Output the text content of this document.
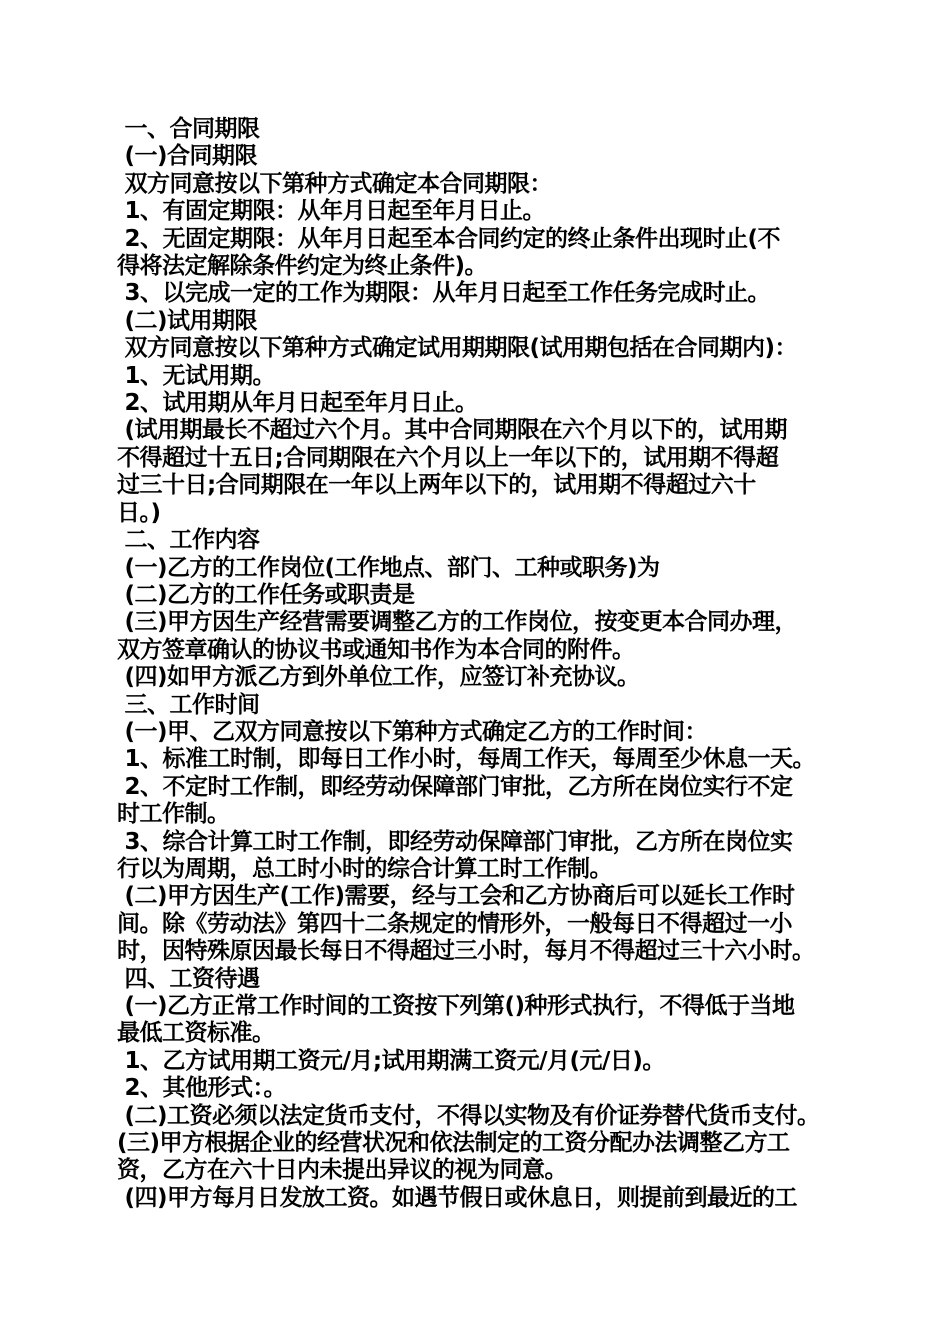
一、合同期限
(一)合同期限
双方同意按以下第种方式确定本合同期限：
1、有固定期限：从年月日起至年月日止。
2、无固定期限：从年月日起至本合同约定的终止条件出现时止(不
得将法定解除条件约定为终止条件)。
3、以完成一定的工作为期限：从年月日起至工作任务完成时止。
(二)试用期限
双方同意按以下第种方式确定试用期期限(试用期包括在合同期内)：
1、无试用期。
2、试用期从年月日起至年月日止。
(试用期最长不超过六个月。其中合同期限在六个月以下的，试用期
不得超过十五日;合同期限在六个月以上一年以下的，试用期不得超
过三十日;合同期限在一年以上两年以下的，试用期不得超过六十
日。)
二、工作内容
(一)乙方的工作岗位(工作地点、部门、工种或职务)为
(二)乙方的工作任务或职责是
(三)甲方因生产经营需要调整乙方的工作岗位，按变更本合同办理，
双方签章确认的协议书或通知书作为本合同的附件。
(四)如甲方派乙方到外单位工作，应签订补充协议。
三、工作时间
(一)甲、乙双方同意按以下第种方式确定乙方的工作时间：
1、标准工时制，即每日工作小时，每周工作天，每周至少休息一天。
2、不定时工作制，即经劳动保障部门审批，乙方所在岗位实行不定
时工作制。
3、综合计算工时工作制，即经劳动保障部门审批，乙方所在岗位实
行以为周期，总工时小时的综合计算工时工作制。
(二)甲方因生产(工作)需要，经与工会和乙方协商后可以延长工作时
间。除《劳动法》第四十二条规定的情形外，一般每日不得超过一小
时，因特殊原因最长每日不得超过三小时，每月不得超过三十六小时。
四、工资待遇
(一)乙方正常工作时间的工资按下列第()种形式执行，不得低于当地
最低工资标准。
1、乙方试用期工资元/月;试用期满工资元/月(元/日)。
2、其他形式：。
(二)工资必须以法定货币支付，不得以实物及有价证券替代货币支付。
(三)甲方根据企业的经营状况和依法制定的工资分配办法调整乙方工
资，乙方在六十日内未提出异议的视为同意。
(四)甲方每月日发放工资。如遇节假日或休息日，则提前到最近的工
